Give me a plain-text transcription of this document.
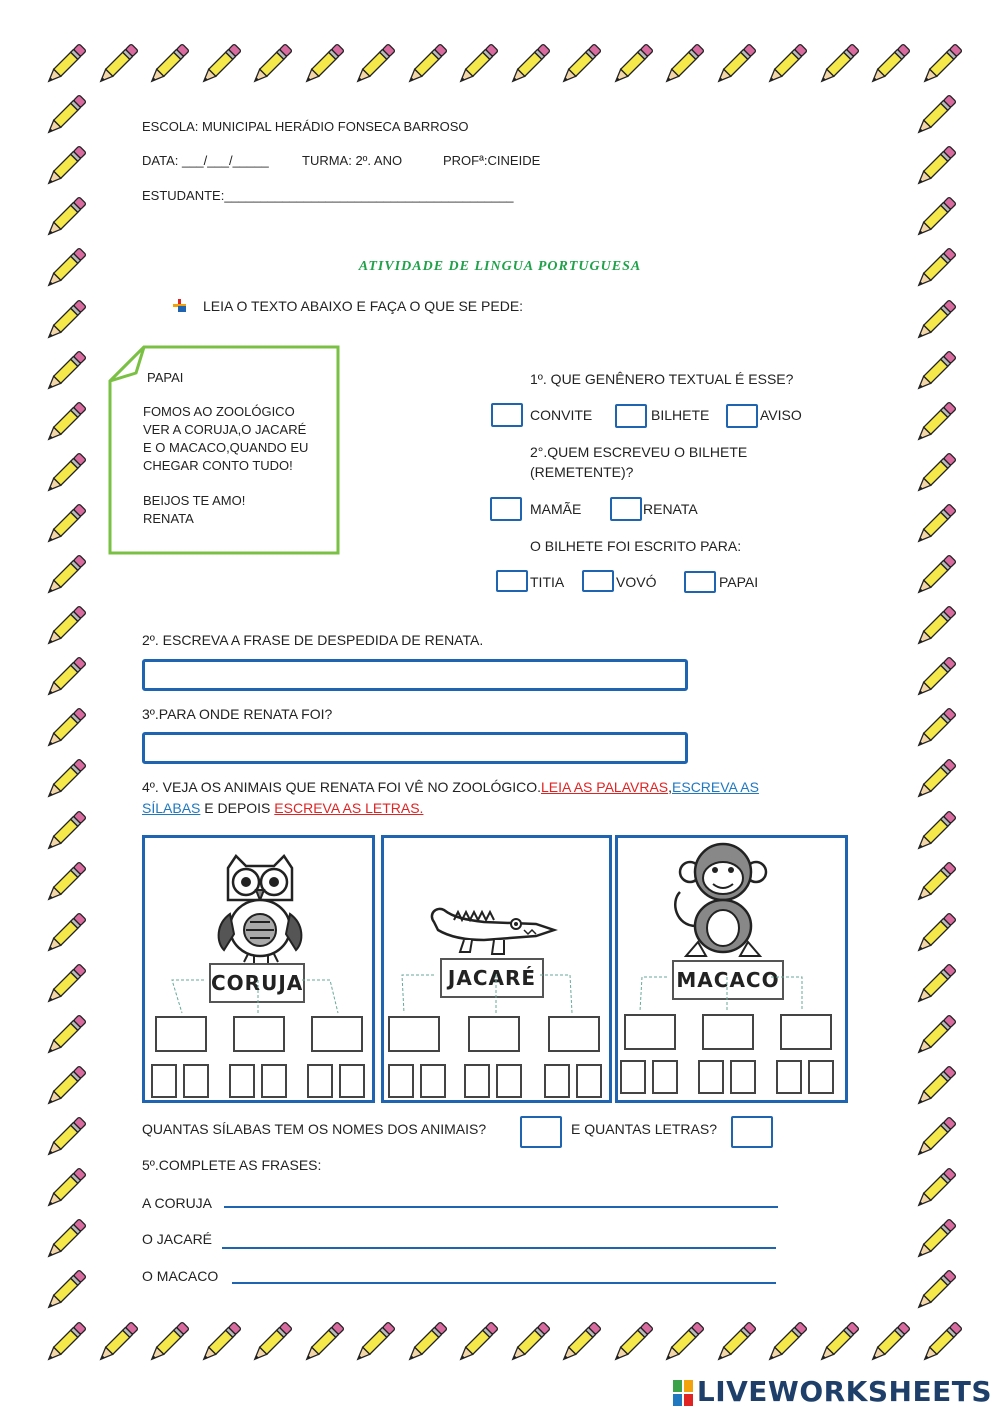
ESCOLA: MUNICIPAL HERÁDIO FONSECA BARROSO
DATA: ___/___/_____	TURMA: 2º. ANO	PROFª:CINEIDE
ESTUDANTE:________________________________________
ATIVIDADE DE LINGUA PORTUGUESA
LEIA O TEXTO ABAIXO E FAÇA O QUE SE PEDE:
PAPAI
FOMOS AO ZOOLÓGICO
VER A CORUJA,O JACARÉ
E O MACACO,QUANDO EU
CHEGAR CONTO TUDO!
BEIJOS TE AMO!
RENATA
1º. QUE GENÊNERO TEXTUAL É ESSE?
CONVITE	BILHETE	AVISO
2°.QUEM ESCREVEU O BILHETE
(REMETENTE)?
MAMÃE	RENATA
O BILHETE FOI ESCRITO PARA:
TITIA	VOVÓ	PAPAI
2º. ESCREVA A FRASE DE DESPEDIDA DE RENATA.
3º.PARA ONDE RENATA FOI?
4º. VEJA OS ANIMAIS QUE RENATA FOI VÊ NO ZOOLÓGICO.LEIA AS PALAVRAS,ESCREVA AS
SÍLABAS E DEPOIS ESCREVA AS LETRAS.
CORUJA	JACARÉ	MACACO
QUANTAS SÍLABAS TEM OS NOMES DOS ANIMAIS?	E QUANTAS LETRAS?
5º.COMPLETE AS FRASES:
A CORUJA
O JACARÉ
O MACACO
LIVEWORKSHEETS
